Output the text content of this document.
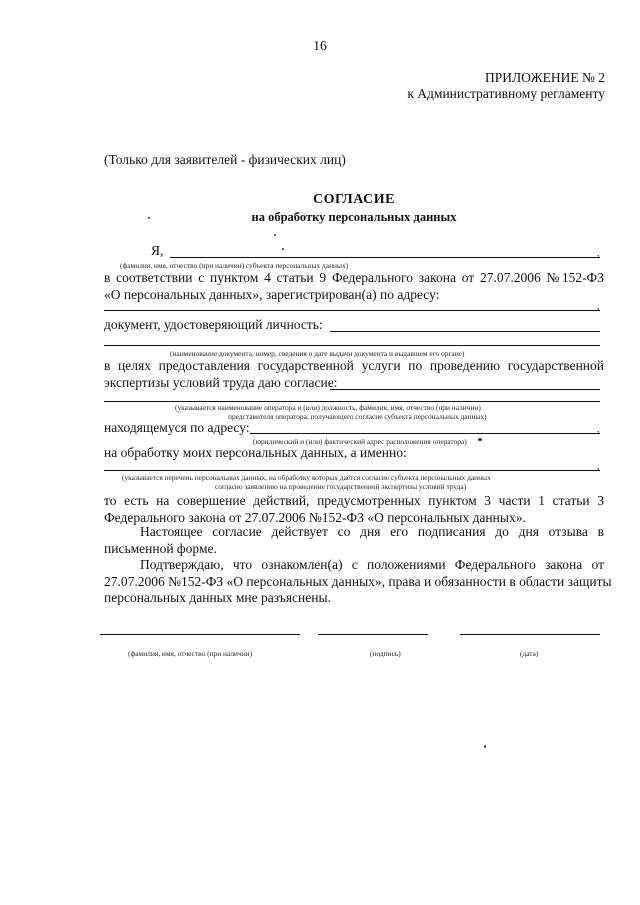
16
ПРИЛОЖЕНИЕ № 2
к Административному регламенту
(Только для заявителей - физических лиц)
СОГЛАСИЕ
на обработку персональных данных
Я,	,
(фамилия, имя, отчество (при наличии) субъекта персональных данных)
в соответствии с пунктом 4 статьи 9 Федерального закона от 27.07.2006 №152-ФЗ
«О персональных данных», зарегистрирован(а) по адресу:
,
документ, удостоверяющий личность:
(наименование документа, номер, сведения о дате выдачи документа и выдавшем его органе)
в целях предоставления государственной услуги по проведению государственной
экспертизы условий труда даю согласие:
(указывается наименование оператора и (или) должность, фамилия, имя, отчество (при наличии)
представителя оператора, получающего согласие субъекта персональных данных)
находящемуся по адресу:	,
(юридический и (или) фактический адрес расположения оператора)
на обработку моих персональных данных, а именно:
,
(указывается перечень персональных данных, на обработку которых даётся согласие субъекта персональных данных
согласно заявлению на проведение государственной экспертизы условий труда)
то есть на совершение действий, предусмотренных пунктом 3 части 1 статьи 3
Федерального закона от 27.07.2006 №152-ФЗ «О персональных данных».
Настоящее согласие действует со дня его подписания до дня отзыва в
письменной форме.
Подтверждаю, что ознакомлен(а) с положениями Федерального закона от
27.07.2006 №152-ФЗ «О персональных данных», права и обязанности в области защиты
персональных данных мне разъяснены.
(фамилия, имя, отчество (при наличии)	(подпись)	(дата)
